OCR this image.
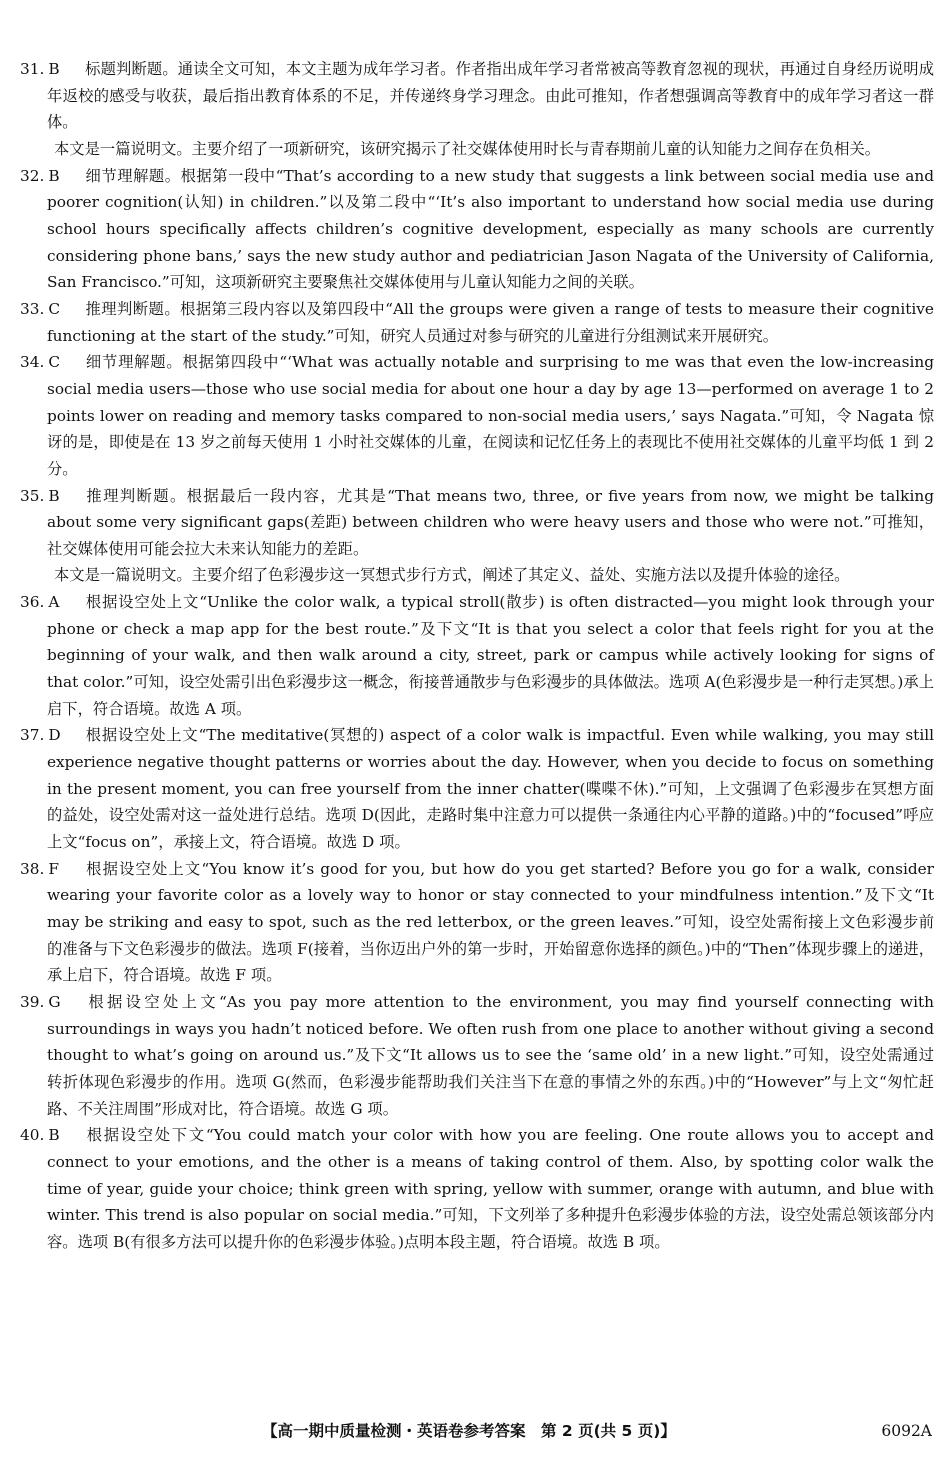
31. B 标题判断题。通读全文可知，本文主题为成年学习者。作者指出成年学习者常被高等教育忽视的现状，再通过自身经历说明成年返校的感受与收获，最后指出教育体系的不足，并传递终身学习理念。由此可推知，作者想强调高等教育中的成年学习者这一群体。
本文是一篇说明文。主要介绍了一项新研究，该研究揭示了社交媒体使用时长与青春期前儿童的认知能力之间存在负相关。
32. B 细节理解题。根据第一段中“That’s according to a new study that suggests a link between social media use and poorer cognition(认知) in children.”以及第二段中“‘It’s also important to understand how social media use during school hours specifically affects children’s cognitive development, especially as many schools are currently considering phone bans,’ says the new study author and pediatrician Jason Nagata of the University of California, San Francisco.”可知，这项新研究主要聚焦社交媒体使用与儿童认知能力之间的关联。
33. C 推理判断题。根据第三段内容以及第四段中“All the groups were given a range of tests to measure their cognitive functioning at the start of the study.”可知，研究人员通过对参与研究的儿童进行分组测试来开展研究。
34. C 细节理解题。根据第四段中“‘What was actually notable and surprising to me was that even the low-increasing social media users—those who use social media for about one hour a day by age 13—performed on average 1 to 2 points lower on reading and memory tasks compared to non-social media users,’ says Nagata.”可知，令 Nagata 惊讶的是，即使是在 13 岁之前每天使用 1 小时社交媒体的儿童，在阅读和记忆任务上的表现比不使用社交媒体的儿童平均低 1 到 2 分。
35. B 推理判断题。根据最后一段内容，尤其是“That means two, three, or five years from now, we might be talking about some very significant gaps(差距) between children who were heavy users and those who were not.”可推知，社交媒体使用可能会拉大未来认知能力的差距。
本文是一篇说明文。主要介绍了色彩漫步这一冥想式步行方式，阐述了其定义、益处、实施方法以及提升体验的途径。
36. A 根据设空处上文“Unlike the color walk, a typical stroll(散步) is often distracted—you might look through your phone or check a map app for the best route.”及下文“It is that you select a color that feels right for you at the beginning of your walk, and then walk around a city, street, park or campus while actively looking for signs of that color.”可知，设空处需引出色彩漫步这一概念，衔接普通散步与色彩漫步的具体做法。选项 A(色彩漫步是一种行走冥想。)承上启下，符合语境。故选 A 项。
37. D 根据设空处上文“The meditative(冥想的) aspect of a color walk is impactful. Even while walking, you may still experience negative thought patterns or worries about the day. However, when you decide to focus on something in the present moment, you can free yourself from the inner chatter(喋喋不休).”可知，上文强调了色彩漫步在冥想方面的益处，设空处需对这一益处进行总结。选项 D(因此，走路时集中注意力可以提供一条通往内心平静的道路。)中的“focused”呼应上文“focus on”，承接上文，符合语境。故选 D 项。
38. F 根据设空处上文“You know it’s good for you, but how do you get started? Before you go for a walk, consider wearing your favorite color as a lovely way to honor or stay connected to your mindfulness intention.”及下文“It may be striking and easy to spot, such as the red letterbox, or the green leaves.”可知，设空处需衔接上文色彩漫步前的准备与下文色彩漫步的做法。选项 F(接着，当你迈出户外的第一步时，开始留意你选择的颜色。)中的“Then”体现步骤上的递进，承上启下，符合语境。故选 F 项。
39. G 根据设空处上文“As you pay more attention to the environment, you may find yourself connecting with surroundings in ways you hadn’t noticed before. We often rush from one place to another without giving a second thought to what’s going on around us.”及下文“It allows us to see the ‘same old’ in a new light.”可知，设空处需通过转折体现色彩漫步的作用。选项 G(然而，色彩漫步能帮助我们关注当下在意的事情之外的东西。)中的“However”与上文“匆忙赶路、不关注周围”形成对比，符合语境。故选 G 项。
40. B 根据设空处下文“You could match your color with how you are feeling. One route allows you to accept and connect to your emotions, and the other is a means of taking control of them. Also, by spotting color walk the time of year, guide your choice; think green with spring, yellow with summer, orange with autumn, and blue with winter. This trend is also popular on social media.”可知，下文列举了多种提升色彩漫步体验的方法，设空处需总领该部分内容。选项 B(有很多方法可以提升你的色彩漫步体验。)点明本段主题，符合语境。故选 B 项。
【高一期中质量检测・英语卷参考答案　第 2 页(共 5 页)】	6092A
